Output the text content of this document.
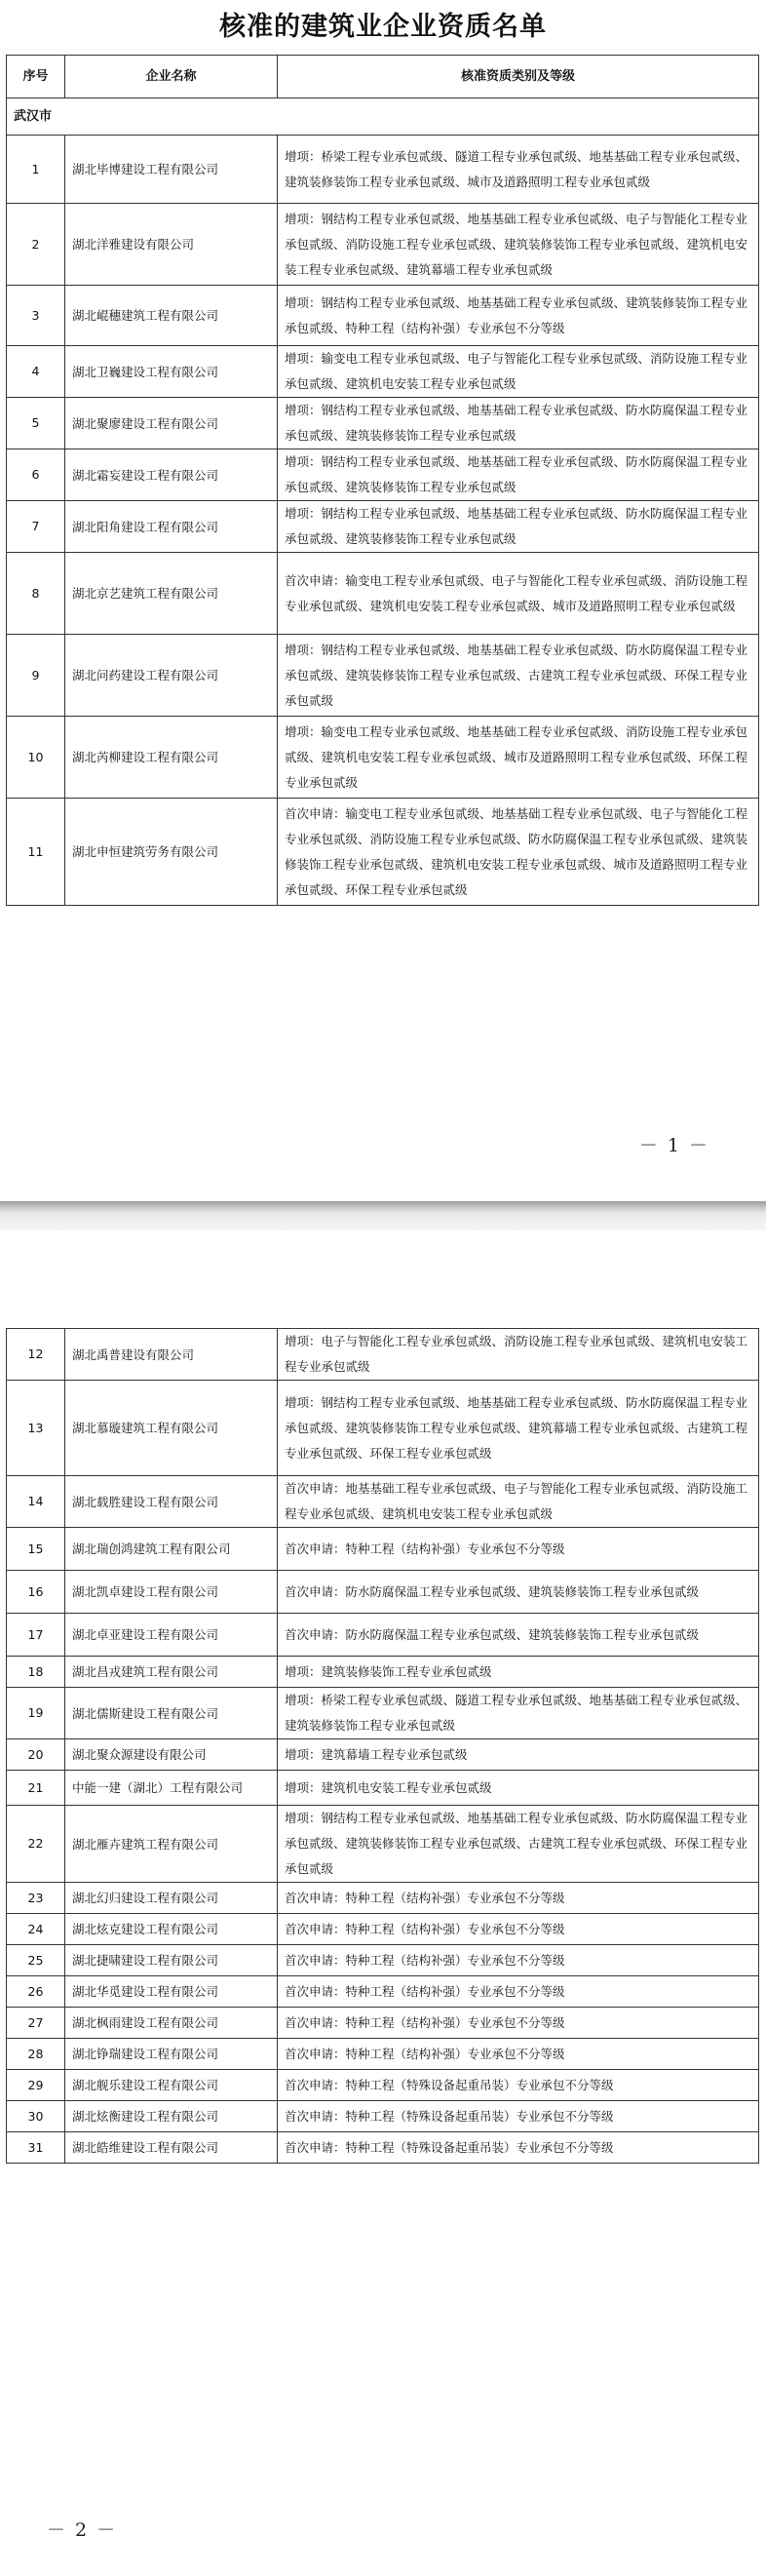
核准的建筑业企业资质名单
序号	企业名称	核准资质类别及等级
武汉市		
1	湖北毕博建设工程有限公司	增项：桥梁工程专业承包贰级、隧道工程专业承包贰级、地基基础工程专业承包贰级、建筑装修装饰工程专业承包贰级、城市及道路照明工程专业承包贰级
2	湖北洋雅建设有限公司	增项：钢结构工程专业承包贰级、地基基础工程专业承包贰级、电子与智能化工程专业承包贰级、消防设施工程专业承包贰级、建筑装修装饰工程专业承包贰级、建筑机电安装工程专业承包贰级、建筑幕墙工程专业承包贰级
3	湖北崐穗建筑工程有限公司	增项：钢结构工程专业承包贰级、地基基础工程专业承包贰级、建筑装修装饰工程专业承包贰级、特种工程（结构补强）专业承包不分等级
4	湖北卫巍建设工程有限公司	增项：输变电工程专业承包贰级、电子与智能化工程专业承包贰级、消防设施工程专业承包贰级、建筑机电安装工程专业承包贰级
5	湖北聚廖建设工程有限公司	增项：钢结构工程专业承包贰级、地基基础工程专业承包贰级、防水防腐保温工程专业承包贰级、建筑装修装饰工程专业承包贰级
6	湖北霜妄建设工程有限公司	增项：钢结构工程专业承包贰级、地基基础工程专业承包贰级、防水防腐保温工程专业承包贰级、建筑装修装饰工程专业承包贰级
7	湖北阳角建设工程有限公司	增项：钢结构工程专业承包贰级、地基基础工程专业承包贰级、防水防腐保温工程专业承包贰级、建筑装修装饰工程专业承包贰级
8	湖北京艺建筑工程有限公司	首次申请：输变电工程专业承包贰级、电子与智能化工程专业承包贰级、消防设施工程专业承包贰级、建筑机电安装工程专业承包贰级、城市及道路照明工程专业承包贰级
9	湖北问药建设工程有限公司	增项：钢结构工程专业承包贰级、地基基础工程专业承包贰级、防水防腐保温工程专业承包贰级、建筑装修装饰工程专业承包贰级、古建筑工程专业承包贰级、环保工程专业承包贰级
10	湖北芮柳建设工程有限公司	增项：输变电工程专业承包贰级、地基基础工程专业承包贰级、消防设施工程专业承包贰级、建筑机电安装工程专业承包贰级、城市及道路照明工程专业承包贰级、环保工程专业承包贰级
11	湖北申恒建筑劳务有限公司	首次申请：输变电工程专业承包贰级、地基基础工程专业承包贰级、电子与智能化工程专业承包贰级、消防设施工程专业承包贰级、防水防腐保温工程专业承包贰级、建筑装修装饰工程专业承包贰级、建筑机电安装工程专业承包贰级、城市及道路照明工程专业承包贰级、环保工程专业承包贰级
－ 1 －
12	湖北禹普建设有限公司	增项：电子与智能化工程专业承包贰级、消防设施工程专业承包贰级、建筑机电安装工程专业承包贰级
13	湖北慕璇建筑工程有限公司	增项：钢结构工程专业承包贰级、地基基础工程专业承包贰级、防水防腐保温工程专业承包贰级、建筑装修装饰工程专业承包贰级、建筑幕墙工程专业承包贰级、古建筑工程专业承包贰级、环保工程专业承包贰级
14	湖北载胜建设工程有限公司	首次申请：地基基础工程专业承包贰级、电子与智能化工程专业承包贰级、消防设施工程专业承包贰级、建筑机电安装工程专业承包贰级
15	湖北瑞创鸿建筑工程有限公司	首次申请：特种工程（结构补强）专业承包不分等级
16	湖北凯卓建设工程有限公司	首次申请：防水防腐保温工程专业承包贰级、建筑装修装饰工程专业承包贰级
17	湖北卓亚建设工程有限公司	首次申请：防水防腐保温工程专业承包贰级、建筑装修装饰工程专业承包贰级
18	湖北昌戎建筑工程有限公司	增项：建筑装修装饰工程专业承包贰级
19	湖北儒斯建设工程有限公司	增项：桥梁工程专业承包贰级、隧道工程专业承包贰级、地基基础工程专业承包贰级、建筑装修装饰工程专业承包贰级
20	湖北聚众源建设有限公司	增项：建筑幕墙工程专业承包贰级
21	中能一建（湖北）工程有限公司	增项：建筑机电安装工程专业承包贰级
22	湖北雁卉建筑工程有限公司	增项：钢结构工程专业承包贰级、地基基础工程专业承包贰级、防水防腐保温工程专业承包贰级、建筑装修装饰工程专业承包贰级、古建筑工程专业承包贰级、环保工程专业承包贰级
23	湖北幻归建设工程有限公司	首次申请：特种工程（结构补强）专业承包不分等级
24	湖北炫克建设工程有限公司	首次申请：特种工程（结构补强）专业承包不分等级
25	湖北捷啸建设工程有限公司	首次申请：特种工程（结构补强）专业承包不分等级
26	湖北华觅建设工程有限公司	首次申请：特种工程（结构补强）专业承包不分等级
27	湖北枫雨建设工程有限公司	首次申请：特种工程（结构补强）专业承包不分等级
28	湖北铮瑞建设工程有限公司	首次申请：特种工程（结构补强）专业承包不分等级
29	湖北舰乐建设工程有限公司	首次申请：特种工程（特殊设备起重吊装）专业承包不分等级
30	湖北炫衡建设工程有限公司	首次申请：特种工程（特殊设备起重吊装）专业承包不分等级
31	湖北皓维建设工程有限公司	首次申请：特种工程（特殊设备起重吊装）专业承包不分等级
－ 2 －
